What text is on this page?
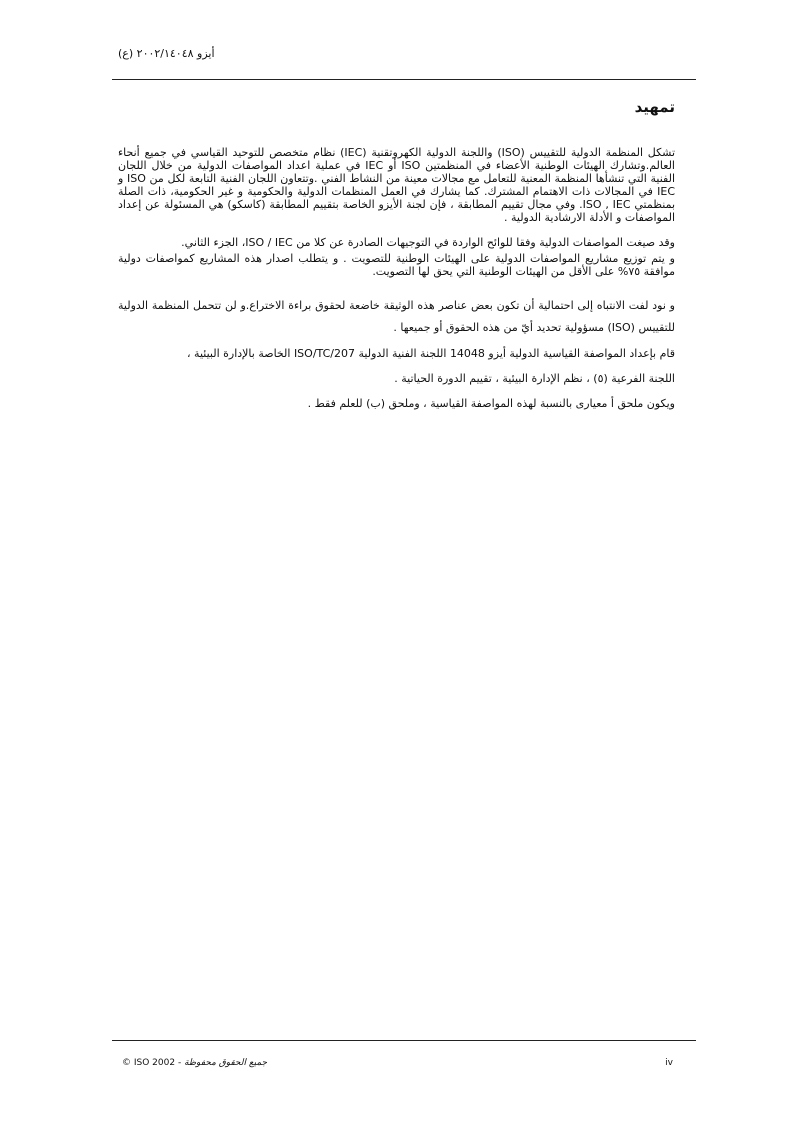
أيزو ٢٠٠٢/١٤٠٤٨ (ع)
تمهيد

تشكل المنظمة الدولية للتقييس (ISO) واللجنة الدولية الكهروتقنية (IEC) نظام متخصص للتوحيد القياسي في جميع أنحاء العالم.وتشارك الهيئات الوطنية الأعضاء في المنظمتين ISO أو IEC في عملية اعداد المواصفات الدولية من خلال اللجان الفنية التي تنشأها المنظمة المعنية للتعامل مع مجالات معينة من النشاط الفني .وتتعاون اللجان الفنية التابعة لكل من ISO و IEC في المجالات ذات الاهتمام المشترك. كما يشارك في العمل المنظمات الدولية والحكومية و غير الحكومية، ذات الصلة بمنظمتي ISO , IEC. وفي مجال تقييم المطابقة ، فإن لجنة الأيزو الخاصة بتقييم المطابقة (كاسكو) هي المسئولة عن إعداد المواصفات و الأدلة الارشادية الدولية .

وقد صيغت المواصفات الدولية وفقا للوائح الواردة في التوجيهات الصادرة عن كلا من ISO / IEC، الجزء الثاني.

و يتم توزيع مشاريع المواصفات الدولية على الهيئات الوطنية للتصويت . و يتطلب اصدار هذه المشاريع كمواصفات دولية موافقة ٧٥% على الأقل من الهيئات الوطنية التي يحق لها التصويت.

و نود لفت الانتباه إلى احتمالية أن تكون بعض عناصر هذه الوثيقة خاضعة لحقوق براءة الاختراع.و لن تتحمل المنظمة الدولية للتقييس (ISO) مسؤولية تحديد أيّ من هذه الحقوق أو جميعها .

قام بإعداد المواصفة القياسية الدولية أيزو 14048 اللجنة الفنية الدولية ISO/TC/207 الخاصة بالإدارة البيئية ،

اللجنة الفرعية (٥) ، نظم الإدارة البيئية ، تقييم الدورة الحياتية .

ويكون ملحق أ معيارى بالنسبة لهذه المواصفة القياسية ، وملحق (ب) للعلم فقط .

© ISO 2002 - جميع الحقوق محفوظة	iv
